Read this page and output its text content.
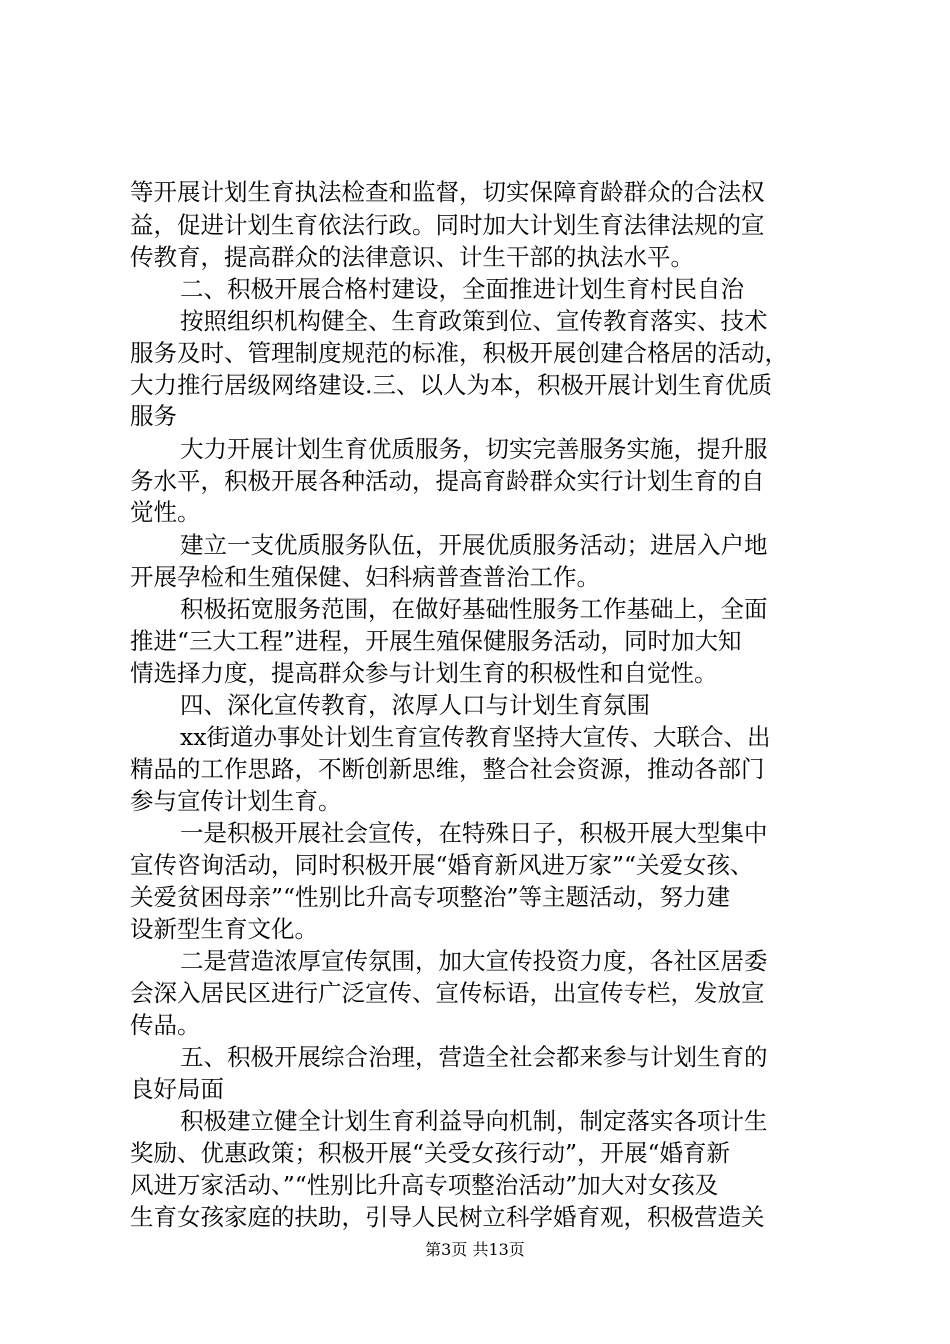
等开展计划生育执法检查和监督，切实保障育龄群众的合法权
益，促进计划生育依法行政。同时加大计划生育法律法规的宣
传教育，提高群众的法律意识、计生干部的执法水平。
二、积极开展合格村建设，全面推进计划生育村民自治
按照组织机构健全、生育政策到位、宣传教育落实、技术
服务及时、管理制度规范的标准，积极开展创建合格居的活动，
大力推行居级网络建设.三、以人为本，积极开展计划生育优质
服务
大力开展计划生育优质服务，切实完善服务实施，提升服
务水平，积极开展各种活动，提高育龄群众实行计划生育的自
觉性。
建立一支优质服务队伍，开展优质服务活动；进居入户地
开展孕检和生殖保健、妇科病普查普治工作。
积极拓宽服务范围，在做好基础性服务工作基础上，全面
推进“三大工程”进程，开展生殖保健服务活动，同时加大知
情选择力度，提高群众参与计划生育的积极性和自觉性。
四、深化宣传教育，浓厚人口与计划生育氛围
xx街道办事处计划生育宣传教育坚持大宣传、大联合、出
精品的工作思路，不断创新思维，整合社会资源，推动各部门
参与宣传计划生育。
一是积极开展社会宣传，在特殊日子，积极开展大型集中
宣传咨询活动，同时积极开展“婚育新风进万家”“关爱女孩、
关爱贫困母亲”“性别比升高专项整治”等主题活动，努力建
设新型生育文化。
二是营造浓厚宣传氛围，加大宣传投资力度，各社区居委
会深入居民区进行广泛宣传、宣传标语，出宣传专栏，发放宣
传品。
五、积极开展综合治理，营造全社会都来参与计划生育的
良好局面
积极建立健全计划生育利益导向机制，制定落实各项计生
奖励、优惠政策；积极开展“关受女孩行动”，开展“婚育新
风进万家活动、”“性别比升高专项整治活动”加大对女孩及
生育女孩家庭的扶助，引导人民树立科学婚育观，积极营造关
第3页 共13页
